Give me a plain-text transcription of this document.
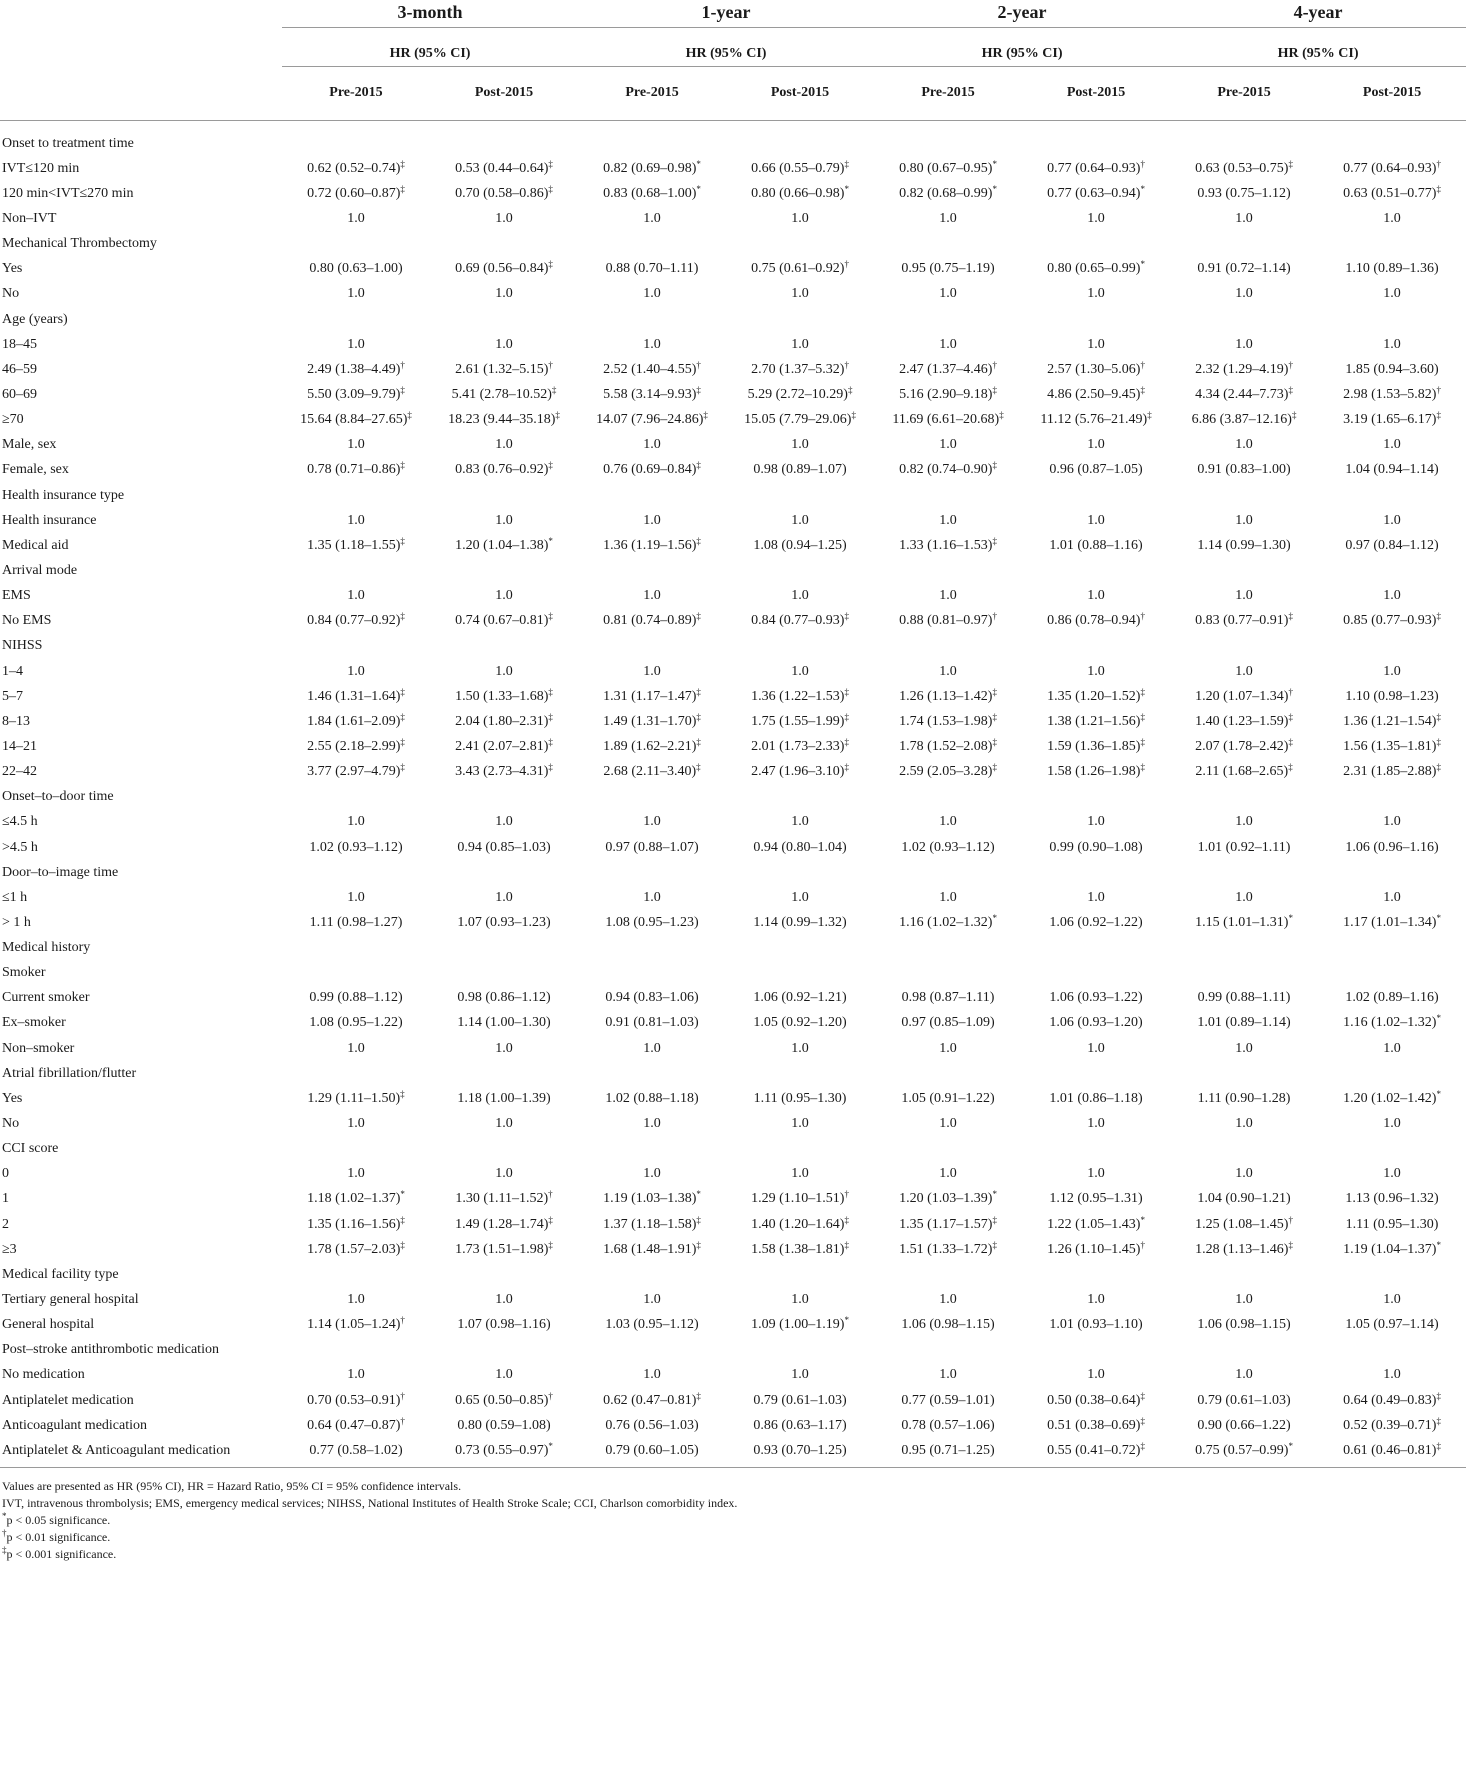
	3-month		1-year		2-year		4-year	
	HR (95% CI)		HR (95% CI)		HR (95% CI)		HR (95% CI)	
	Pre-2015	Post-2015	Pre-2015	Post-2015	Pre-2015	Post-2015	Pre-2015	Post-2015
Onset to treatment time								
IVT≤120 min	0.62 (0.52–0.74)‡	0.53 (0.44–0.64)‡	0.82 (0.69–0.98)*	0.66 (0.55–0.79)‡	0.80 (0.67–0.95)*	0.77 (0.64–0.93)†	0.63 (0.53–0.75)‡	0.77 (0.64–0.93)†
120 min<IVT≤270 min	0.72 (0.60–0.87)‡	0.70 (0.58–0.86)‡	0.83 (0.68–1.00)*	0.80 (0.66–0.98)*	0.82 (0.68–0.99)*	0.77 (0.63–0.94)*	0.93 (0.75–1.12)	0.63 (0.51–0.77)‡
Non–IVT	1.0	1.0	1.0	1.0	1.0	1.0	1.0	1.0
Mechanical Thrombectomy								
Yes	0.80 (0.63–1.00)	0.69 (0.56–0.84)‡	0.88 (0.70–1.11)	0.75 (0.61–0.92)†	0.95 (0.75–1.19)	0.80 (0.65–0.99)*	0.91 (0.72–1.14)	1.10 (0.89–1.36)
No	1.0	1.0	1.0	1.0	1.0	1.0	1.0	1.0
Age (years)								
18–45	1.0	1.0	1.0	1.0	1.0	1.0	1.0	1.0
46–59	2.49 (1.38–4.49)†	2.61 (1.32–5.15)†	2.52 (1.40–4.55)†	2.70 (1.37–5.32)†	2.47 (1.37–4.46)†	2.57 (1.30–5.06)†	2.32 (1.29–4.19)†	1.85 (0.94–3.60)
60–69	5.50 (3.09–9.79)‡	5.41 (2.78–10.52)‡	5.58 (3.14–9.93)‡	5.29 (2.72–10.29)‡	5.16 (2.90–9.18)‡	4.86 (2.50–9.45)‡	4.34 (2.44–7.73)‡	2.98 (1.53–5.82)†
≥70	15.64 (8.84–27.65)‡	18.23 (9.44–35.18)‡	14.07 (7.96–24.86)‡	15.05 (7.79–29.06)‡	11.69 (6.61–20.68)‡	11.12 (5.76–21.49)‡	6.86 (3.87–12.16)‡	3.19 (1.65–6.17)‡
Male, sex	1.0	1.0	1.0	1.0	1.0	1.0	1.0	1.0
Female, sex	0.78 (0.71–0.86)‡	0.83 (0.76–0.92)‡	0.76 (0.69–0.84)‡	0.98 (0.89–1.07)	0.82 (0.74–0.90)‡	0.96 (0.87–1.05)	0.91 (0.83–1.00)	1.04 (0.94–1.14)
Health insurance type								
Health insurance	1.0	1.0	1.0	1.0	1.0	1.0	1.0	1.0
Medical aid	1.35 (1.18–1.55)‡	1.20 (1.04–1.38)*	1.36 (1.19–1.56)‡	1.08 (0.94–1.25)	1.33 (1.16–1.53)‡	1.01 (0.88–1.16)	1.14 (0.99–1.30)	0.97 (0.84–1.12)
Arrival mode								
EMS	1.0	1.0	1.0	1.0	1.0	1.0	1.0	1.0
No EMS	0.84 (0.77–0.92)‡	0.74 (0.67–0.81)‡	0.81 (0.74–0.89)‡	0.84 (0.77–0.93)‡	0.88 (0.81–0.97)†	0.86 (0.78–0.94)†	0.83 (0.77–0.91)‡	0.85 (0.77–0.93)‡
NIHSS								
1–4	1.0	1.0	1.0	1.0	1.0	1.0	1.0	1.0
5–7	1.46 (1.31–1.64)‡	1.50 (1.33–1.68)‡	1.31 (1.17–1.47)‡	1.36 (1.22–1.53)‡	1.26 (1.13–1.42)‡	1.35 (1.20–1.52)‡	1.20 (1.07–1.34)†	1.10 (0.98–1.23)
8–13	1.84 (1.61–2.09)‡	2.04 (1.80–2.31)‡	1.49 (1.31–1.70)‡	1.75 (1.55–1.99)‡	1.74 (1.53–1.98)‡	1.38 (1.21–1.56)‡	1.40 (1.23–1.59)‡	1.36 (1.21–1.54)‡
14–21	2.55 (2.18–2.99)‡	2.41 (2.07–2.81)‡	1.89 (1.62–2.21)‡	2.01 (1.73–2.33)‡	1.78 (1.52–2.08)‡	1.59 (1.36–1.85)‡	2.07 (1.78–2.42)‡	1.56 (1.35–1.81)‡
22–42	3.77 (2.97–4.79)‡	3.43 (2.73–4.31)‡	2.68 (2.11–3.40)‡	2.47 (1.96–3.10)‡	2.59 (2.05–3.28)‡	1.58 (1.26–1.98)‡	2.11 (1.68–2.65)‡	2.31 (1.85–2.88)‡
Onset–to–door time								
≤4.5 h	1.0	1.0	1.0	1.0	1.0	1.0	1.0	1.0
>4.5 h	1.02 (0.93–1.12)	0.94 (0.85–1.03)	0.97 (0.88–1.07)	0.94 (0.80–1.04)	1.02 (0.93–1.12)	0.99 (0.90–1.08)	1.01 (0.92–1.11)	1.06 (0.96–1.16)
Door–to–image time								
≤1 h	1.0	1.0	1.0	1.0	1.0	1.0	1.0	1.0
> 1 h	1.11 (0.98–1.27)	1.07 (0.93–1.23)	1.08 (0.95–1.23)	1.14 (0.99–1.32)	1.16 (1.02–1.32)*	1.06 (0.92–1.22)	1.15 (1.01–1.31)*	1.17 (1.01–1.34)*
Medical history								
Smoker								
Current smoker	0.99 (0.88–1.12)	0.98 (0.86–1.12)	0.94 (0.83–1.06)	1.06 (0.92–1.21)	0.98 (0.87–1.11)	1.06 (0.93–1.22)	0.99 (0.88–1.11)	1.02 (0.89–1.16)
Ex–smoker	1.08 (0.95–1.22)	1.14 (1.00–1.30)	0.91 (0.81–1.03)	1.05 (0.92–1.20)	0.97 (0.85–1.09)	1.06 (0.93–1.20)	1.01 (0.89–1.14)	1.16 (1.02–1.32)*
Non–smoker	1.0	1.0	1.0	1.0	1.0	1.0	1.0	1.0
Atrial fibrillation/flutter								
Yes	1.29 (1.11–1.50)‡	1.18 (1.00–1.39)	1.02 (0.88–1.18)	1.11 (0.95–1.30)	1.05 (0.91–1.22)	1.01 (0.86–1.18)	1.11 (0.90–1.28)	1.20 (1.02–1.42)*
No	1.0	1.0	1.0	1.0	1.0	1.0	1.0	1.0
CCI score								
0	1.0	1.0	1.0	1.0	1.0	1.0	1.0	1.0
1	1.18 (1.02–1.37)*	1.30 (1.11–1.52)†	1.19 (1.03–1.38)*	1.29 (1.10–1.51)†	1.20 (1.03–1.39)*	1.12 (0.95–1.31)	1.04 (0.90–1.21)	1.13 (0.96–1.32)
2	1.35 (1.16–1.56)‡	1.49 (1.28–1.74)‡	1.37 (1.18–1.58)‡	1.40 (1.20–1.64)‡	1.35 (1.17–1.57)‡	1.22 (1.05–1.43)*	1.25 (1.08–1.45)†	1.11 (0.95–1.30)
≥3	1.78 (1.57–2.03)‡	1.73 (1.51–1.98)‡	1.68 (1.48–1.91)‡	1.58 (1.38–1.81)‡	1.51 (1.33–1.72)‡	1.26 (1.10–1.45)†	1.28 (1.13–1.46)‡	1.19 (1.04–1.37)*
Medical facility type								
Tertiary general hospital	1.0	1.0	1.0	1.0	1.0	1.0	1.0	1.0
General hospital	1.14 (1.05–1.24)†	1.07 (0.98–1.16)	1.03 (0.95–1.12)	1.09 (1.00–1.19)*	1.06 (0.98–1.15)	1.01 (0.93–1.10)	1.06 (0.98–1.15)	1.05 (0.97–1.14)
Post–stroke antithrombotic medication								
No medication	1.0	1.0	1.0	1.0	1.0	1.0	1.0	1.0
Antiplatelet medication	0.70 (0.53–0.91)†	0.65 (0.50–0.85)†	0.62 (0.47–0.81)‡	0.79 (0.61–1.03)	0.77 (0.59–1.01)	0.50 (0.38–0.64)‡	0.79 (0.61–1.03)	0.64 (0.49–0.83)‡
Anticoagulant medication	0.64 (0.47–0.87)†	0.80 (0.59–1.08)	0.76 (0.56–1.03)	0.86 (0.63–1.17)	0.78 (0.57–1.06)	0.51 (0.38–0.69)‡	0.90 (0.66–1.22)	0.52 (0.39–0.71)‡
Antiplatelet & Anticoagulant medication	0.77 (0.58–1.02)	0.73 (0.55–0.97)*	0.79 (0.60–1.05)	0.93 (0.70–1.25)	0.95 (0.71–1.25)	0.55 (0.41–0.72)‡	0.75 (0.57–0.99)*	0.61 (0.46–0.81)‡
Values are presented as HR (95% CI), HR = Hazard Ratio, 95% CI = 95% confidence intervals.
IVT, intravenous thrombolysis; EMS, emergency medical services; NIHSS, National Institutes of Health Stroke Scale; CCI, Charlson comorbidity index.
*p < 0.05 significance.
†p < 0.01 significance.
‡p < 0.001 significance.
